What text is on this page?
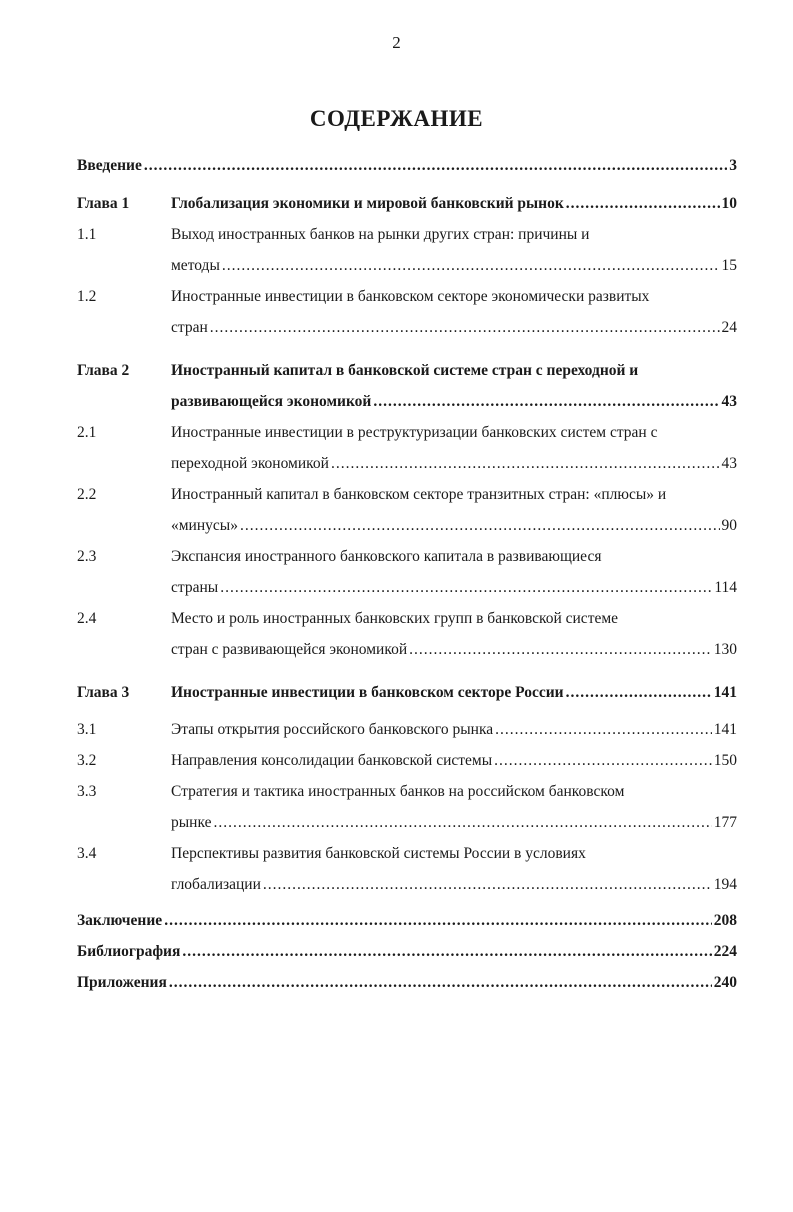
2
СОДЕРЖАНИЕ
Введение .....	3
Глава 1	Глобализация экономики и мировой банковский рынок .....	10
1.1	Выход иностранных банков на рынки других стран: причины и
методы .....	15
1.2	Иностранные инвестиции в банковском секторе экономически развитых
стран .....	24
Глава 2	Иностранный капитал в банковской системе стран с переходной и
развивающейся экономикой .....	43
2.1	Иностранные инвестиции в реструктуризации банковских систем стран с
переходной экономикой .....	43
2.2	Иностранный капитал в банковском секторе транзитных стран: «плюсы» и
«минусы» .....	90
2.3	Экспансия иностранного банковского капитала в развивающиеся
страны .....	114
2.4	Место и роль иностранных банковских групп в банковской системе
стран с развивающейся экономикой .....	130
Глава 3	Иностранные инвестиции в банковском секторе России .....	141
3.1	Этапы открытия российского банковского рынка .....	141
3.2	Направления консолидации банковской системы .....	150
3.3	Стратегия и тактика иностранных банков на российском банковском
рынке .....	177
3.4	Перспективы развития банковской системы России в условиях
глобализации .....	194
Заключение .....	208
Библиография .....	224
Приложения .....	240
